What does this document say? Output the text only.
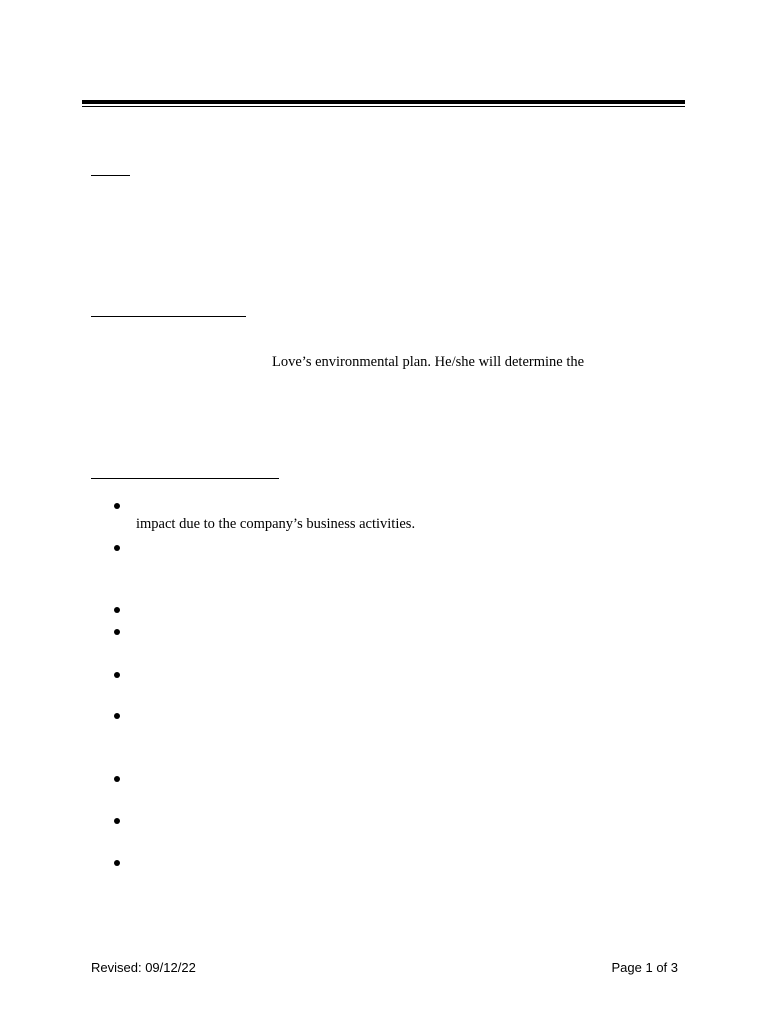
Love’s environmental plan. He/she will determine the
impact due to the company’s business activities.
Revised: 09/12/22	Page 1 of 3
